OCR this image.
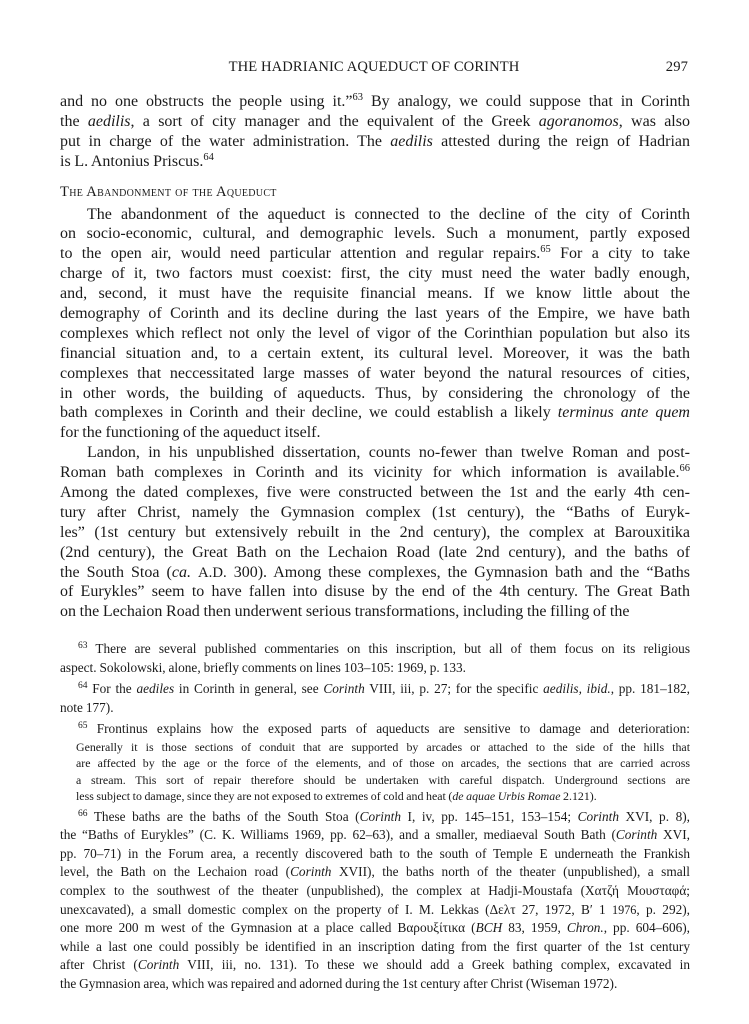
THE HADRIANIC AQUEDUCT OF CORINTH	297
and no one obstructs the people using it.”$^{63}$ By analogy, we could suppose that in Corinth
the aedilis, a sort of city manager and the equivalent of the Greek agoranomos, was also
put in charge of the water administration. The aedilis attested during the reign of Hadrian
is L. Antonius Priscus.$^{64}$
The Abandonment of the Aqueduct
The abandonment of the aqueduct is connected to the decline of the city of Corinth
on socio-economic, cultural, and demographic levels. Such a monument, partly exposed
to the open air, would need particular attention and regular repairs.$^{65}$ For a city to take
charge of it, two factors must coexist: first, the city must need the water badly enough,
and, second, it must have the requisite financial means. If we know little about the
demography of Corinth and its decline during the last years of the Empire, we have bath
complexes which reflect not only the level of vigor of the Corinthian population but also its
financial situation and, to a certain extent, its cultural level. Moreover, it was the bath
complexes that neccessitated large masses of water beyond the natural resources of cities,
in other words, the building of aqueducts. Thus, by considering the chronology of the
bath complexes in Corinth and their decline, we could establish a likely terminus ante quem
for the functioning of the aqueduct itself.
Landon, in his unpublished dissertation, counts no-fewer than twelve Roman and post-
Roman bath complexes in Corinth and its vicinity for which information is available.$^{66}$
Among the dated complexes, five were constructed between the 1st and the early 4th cen-
tury after Christ, namely the Gymnasion complex (1st century), the “Baths of Euryk-
les” (1st century but extensively rebuilt in the 2nd century), the complex at Barouxitika
(2nd century), the Great Bath on the Lechaion Road (late 2nd century), and the baths of
the South Stoa (ca. A.D. 300). Among these complexes, the Gymnasion bath and the “Baths
of Eurykles” seem to have fallen into disuse by the end of the 4th century. The Great Bath
on the Lechaion Road then underwent serious transformations, including the filling of the
$^{63}$ There are several published commentaries on this inscription, but all of them focus on its religious
aspect. Sokolowski, alone, briefly comments on lines 103–105: 1969, p. 133.
$^{64}$ For the aediles in Corinth in general, see Corinth VIII, iii, p. 27; for the specific aedilis, ibid., pp. 181–182,
note 177).
$^{65}$ Frontinus explains how the exposed parts of aqueducts are sensitive to damage and deterioration:
Generally it is those sections of conduit that are supported by arcades or attached to the side of the hills that
are affected by the age or the force of the elements, and of those on arcades, the sections that are carried across
a stream. This sort of repair therefore should be undertaken with careful dispatch. Underground sections are
less subject to damage, since they are not exposed to extremes of cold and heat (de aquae Urbis Romae 2.121).
$^{66}$ These baths are the baths of the South Stoa (Corinth I, iv, pp. 145–151, 153–154; Corinth XVI, p. 8),
the “Baths of Eurykles” (C. K. Williams 1969, pp. 62–63), and a smaller, mediaeval South Bath (Corinth XVI,
pp. 70–71) in the Forum area, a recently discovered bath to the south of Temple E underneath the Frankish
level, the Bath on the Lechaion road (Corinth XVII), the baths north of the theater (unpublished), a small
complex to the southwest of the theater (unpublished), the complex at Hadji-Moustafa (Χατζή Μουσταφά;
unexcavated), a small domestic complex on the property of I. M. Lekkas (Δελτ 27, 1972, B′ 1 1976, p. 292),
one more 200 m west of the Gymnasion at a place called Βαρουξίτικα (BCH 83, 1959, Chron., pp. 604–606),
while a last one could possibly be identified in an inscription dating from the first quarter of the 1st century
after Christ (Corinth VIII, iii, no. 131). To these we should add a Greek bathing complex, excavated in
the Gymnasion area, which was repaired and adorned during the 1st century after Christ (Wiseman 1972).
